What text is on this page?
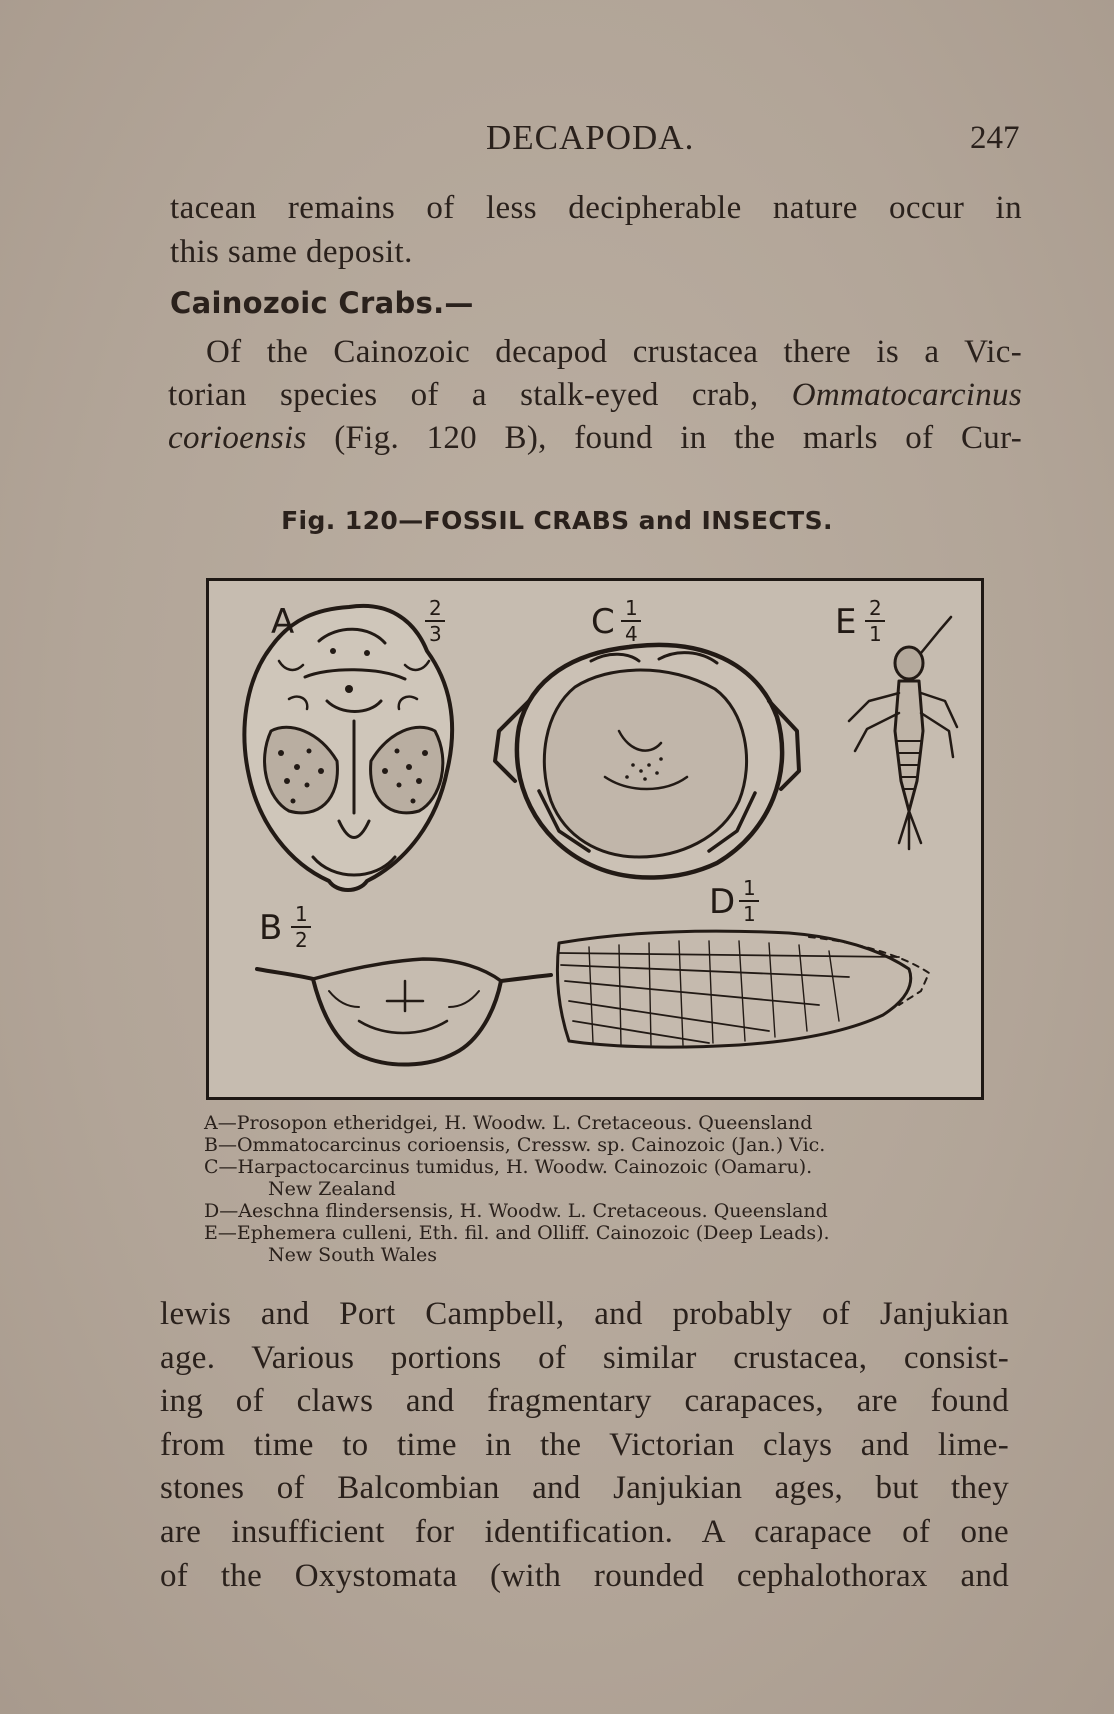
DECAPODA.	247
tacean remains of less decipherable nature occur in
this same deposit.
Cainozoic Crabs.—
Of the Cainozoic decapod crustacea there is a Vic-
torian species of a stalk-eyed crab, Ommatocarcinus
corioensis (Fig. 120 B), found in the marls of Cur-
Fig. 120—FOSSIL CRABS and INSECTS.
A	2
3	C 1
4	E 2
1
B 1
2
D 1
1
A—Prosopon etheridgei, H. Woodw. L. Cretaceous. Queensland
B—Ommatocarcinus corioensis, Cressw. sp. Cainozoic (Jan.) Vic.
C—Harpactocarcinus tumidus, H. Woodw. Cainozoic (Oamaru).
New Zealand
D—Aeschna flindersensis, H. Woodw. L. Cretaceous. Queensland
E—Ephemera culleni, Eth. fil. and Olliff. Cainozoic (Deep Leads).
New South Wales
lewis and Port Campbell, and probably of Janjukian
age. Various portions of similar crustacea, consist-
ing of claws and fragmentary carapaces, are found
from time to time in the Victorian clays and lime-
stones of Balcombian and Janjukian ages, but they
are insufficient for identification. A carapace of one
of the Oxystomata (with rounded cephalothorax and
